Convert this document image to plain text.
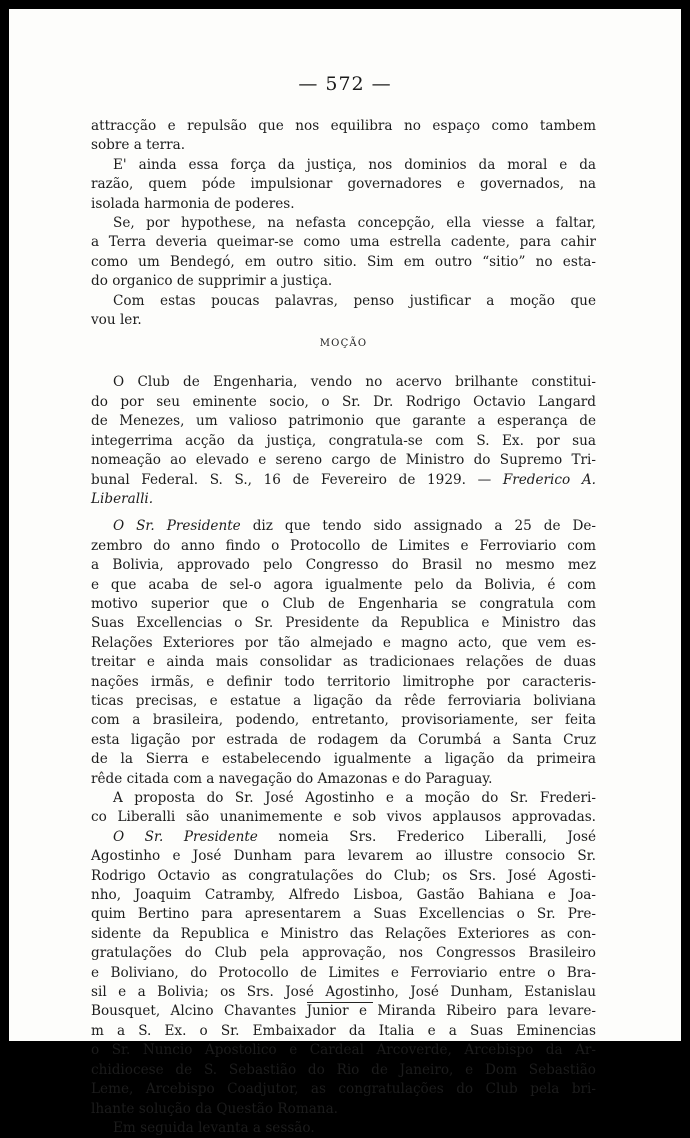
— 572 —
attracção e repulsão que nos equilibra no espaço como tambem
sobre a terra.
E' ainda essa força da justiça, nos dominios da moral e da
razão, quem póde impulsionar governadores e governados, na
isolada harmonia de poderes.
Se, por hypothese, na nefasta concepção, ella viesse a faltar,
a Terra deveria queimar-se como uma estrella cadente, para cahir
como um Bendegó, em outro sitio. Sim em outro “sitio” no esta-
do organico de supprimir a justiça.
Com estas poucas palavras, penso justificar a moção que
vou ler.
MOÇÃO
O Club de Engenharia, vendo no acervo brilhante constitui-
do por seu eminente socio, o Sr. Dr. Rodrigo Octavio Langard
de Menezes, um valioso patrimonio que garante a esperança de
integerrima acção da justiça, congratula-se com S. Ex. por sua
nomeação ao elevado e sereno cargo de Ministro do Supremo Tri-
bunal Federal. S. S., 16 de Fevereiro de 1929. — Frederico A.
Liberalli.
O Sr. Presidente diz que tendo sido assignado a 25 de De-
zembro do anno findo o Protocollo de Limites e Ferroviario com
a Bolivia, approvado pelo Congresso do Brasil no mesmo mez
e que acaba de sel-o agora igualmente pelo da Bolivia, é com
motivo superior que o Club de Engenharia se congratula com
Suas Excellencias o Sr. Presidente da Republica e Ministro das
Relações Exteriores por tão almejado e magno acto, que vem es-
treitar e ainda mais consolidar as tradicionaes relações de duas
nações irmãs, e definir todo territorio limitrophe por caracteris-
ticas precisas, e estatue a ligação da rêde ferroviaria boliviana
com a brasileira, podendo, entretanto, provisoriamente, ser feita
esta ligação por estrada de rodagem da Corumbá a Santa Cruz
de la Sierra e estabelecendo igualmente a ligação da primeira
rêde citada com a navegação do Amazonas e do Paraguay.
A proposta do Sr. José Agostinho e a moção do Sr. Frederi-
co Liberalli são unanimemente e sob vivos applausos approvadas.
O Sr. Presidente nomeia Srs. Frederico Liberalli, José
Agostinho e José Dunham para levarem ao illustre consocio Sr.
Rodrigo Octavio as congratulações do Club; os Srs. José Agosti-
nho, Joaquim Catramby, Alfredo Lisboa, Gastão Bahiana e Joa-
quim Bertino para apresentarem a Suas Excellencias o Sr. Pre-
sidente da Republica e Ministro das Relações Exteriores as con-
gratulações do Club pela approvação, nos Congressos Brasileiro
e Boliviano, do Protocollo de Limites e Ferroviario entre o Bra-
sil e a Bolivia; os Srs. José Agostinho, José Dunham, Estanislau
Bousquet, Alcino Chavantes Junior e Miranda Ribeiro para levare-
m a S. Ex. o Sr. Embaixador da Italia e a Suas Eminencias
o Sr. Nuncio Apostolico e Cardeal Arcoverde, Arcebispo da Ar-
chidiocese de S. Sebastião do Rio de Janeiro, e Dom Sebastião
Leme, Arcebispo Coadjutor, as congratulações do Club pela bri-
lhante solução da Questão Romana.
Em seguida levanta a sessão.
